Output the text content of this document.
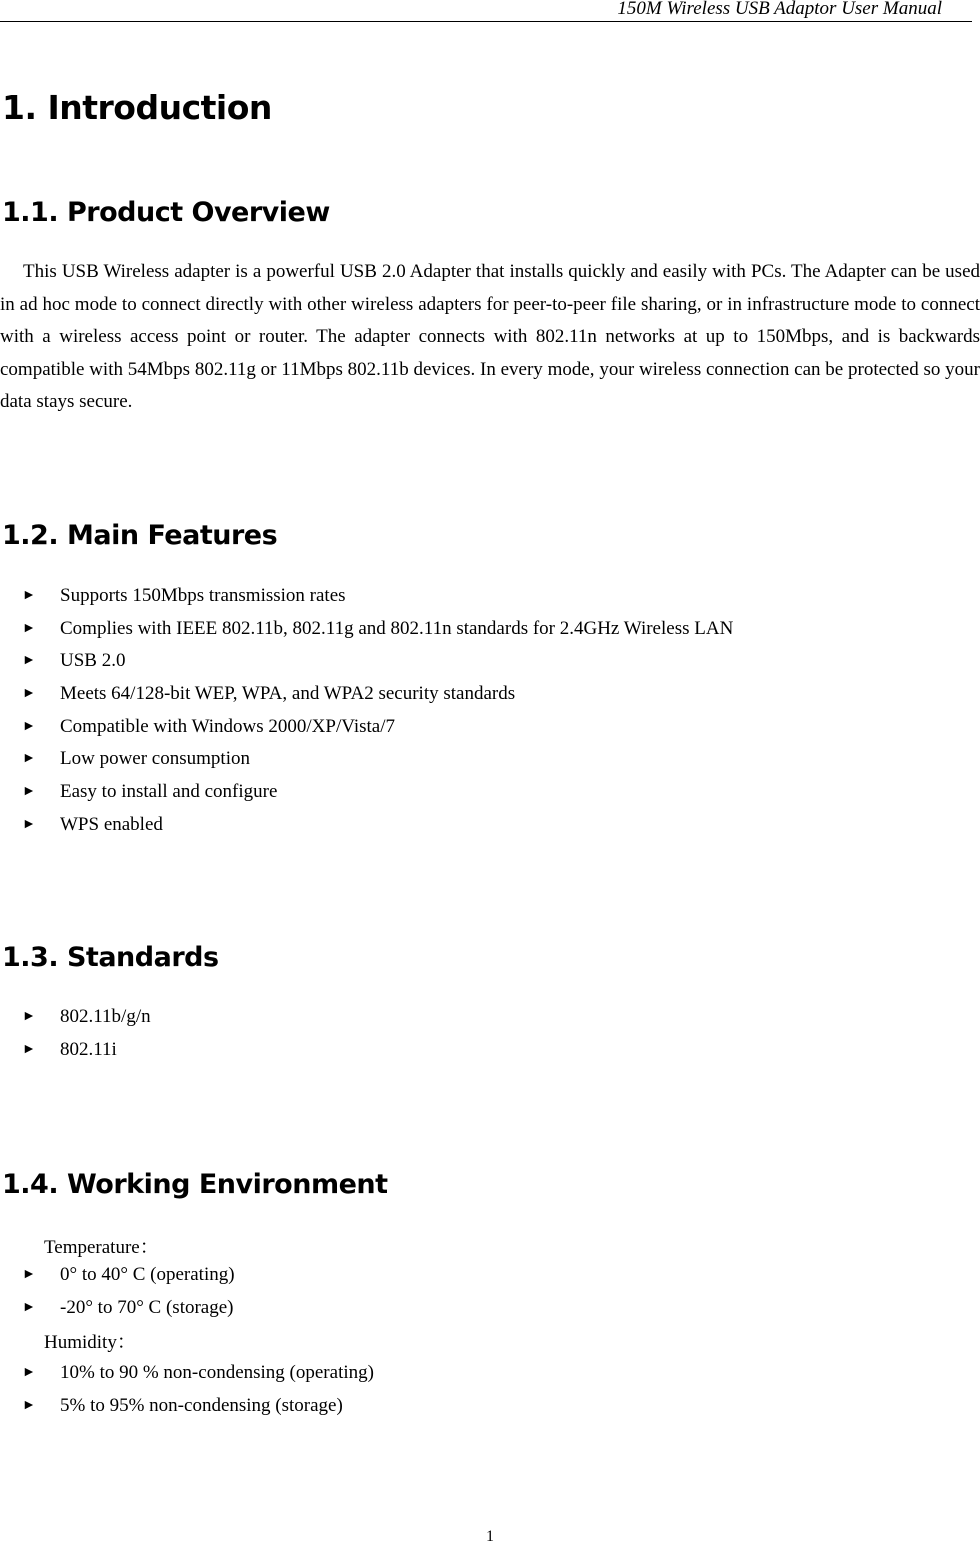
150M Wireless USB Adaptor User Manual
1. Introduction
1.1. Product Overview

This USB Wireless adapter is a powerful USB 2.0 Adapter that installs quickly and easily with PCs. The Adapter can be used in ad hoc mode to connect directly with other wireless adapters for peer-to-peer file sharing, or in infrastructure mode to connect with a wireless access point or router. The adapter connects with 802.11n networks at up to 150Mbps, and is backwards compatible with 54Mbps 802.11g or 11Mbps 802.11b devices. In every mode, your wireless connection can be protected so your data stays secure.

1.2. Main Features
► Supports 150Mbps transmission rates
► Complies with IEEE 802.11b, 802.11g and 802.11n standards for 2.4GHz Wireless LAN
► USB 2.0
► Meets 64/128-bit WEP, WPA, and WPA2 security standards
► Compatible with Windows 2000/XP/Vista/7
► Low power consumption
► Easy to install and configure
► WPS enabled
1.3. Standards
► 802.11b/g/n
► 802.11i
1.4. Working Environment
Temperature：
► 0° to 40° C (operating)
► -20° to 70° C (storage)
Humidity：
► 10% to 90 % non-condensing (operating)
► 5% to 95% non-condensing (storage)
1
